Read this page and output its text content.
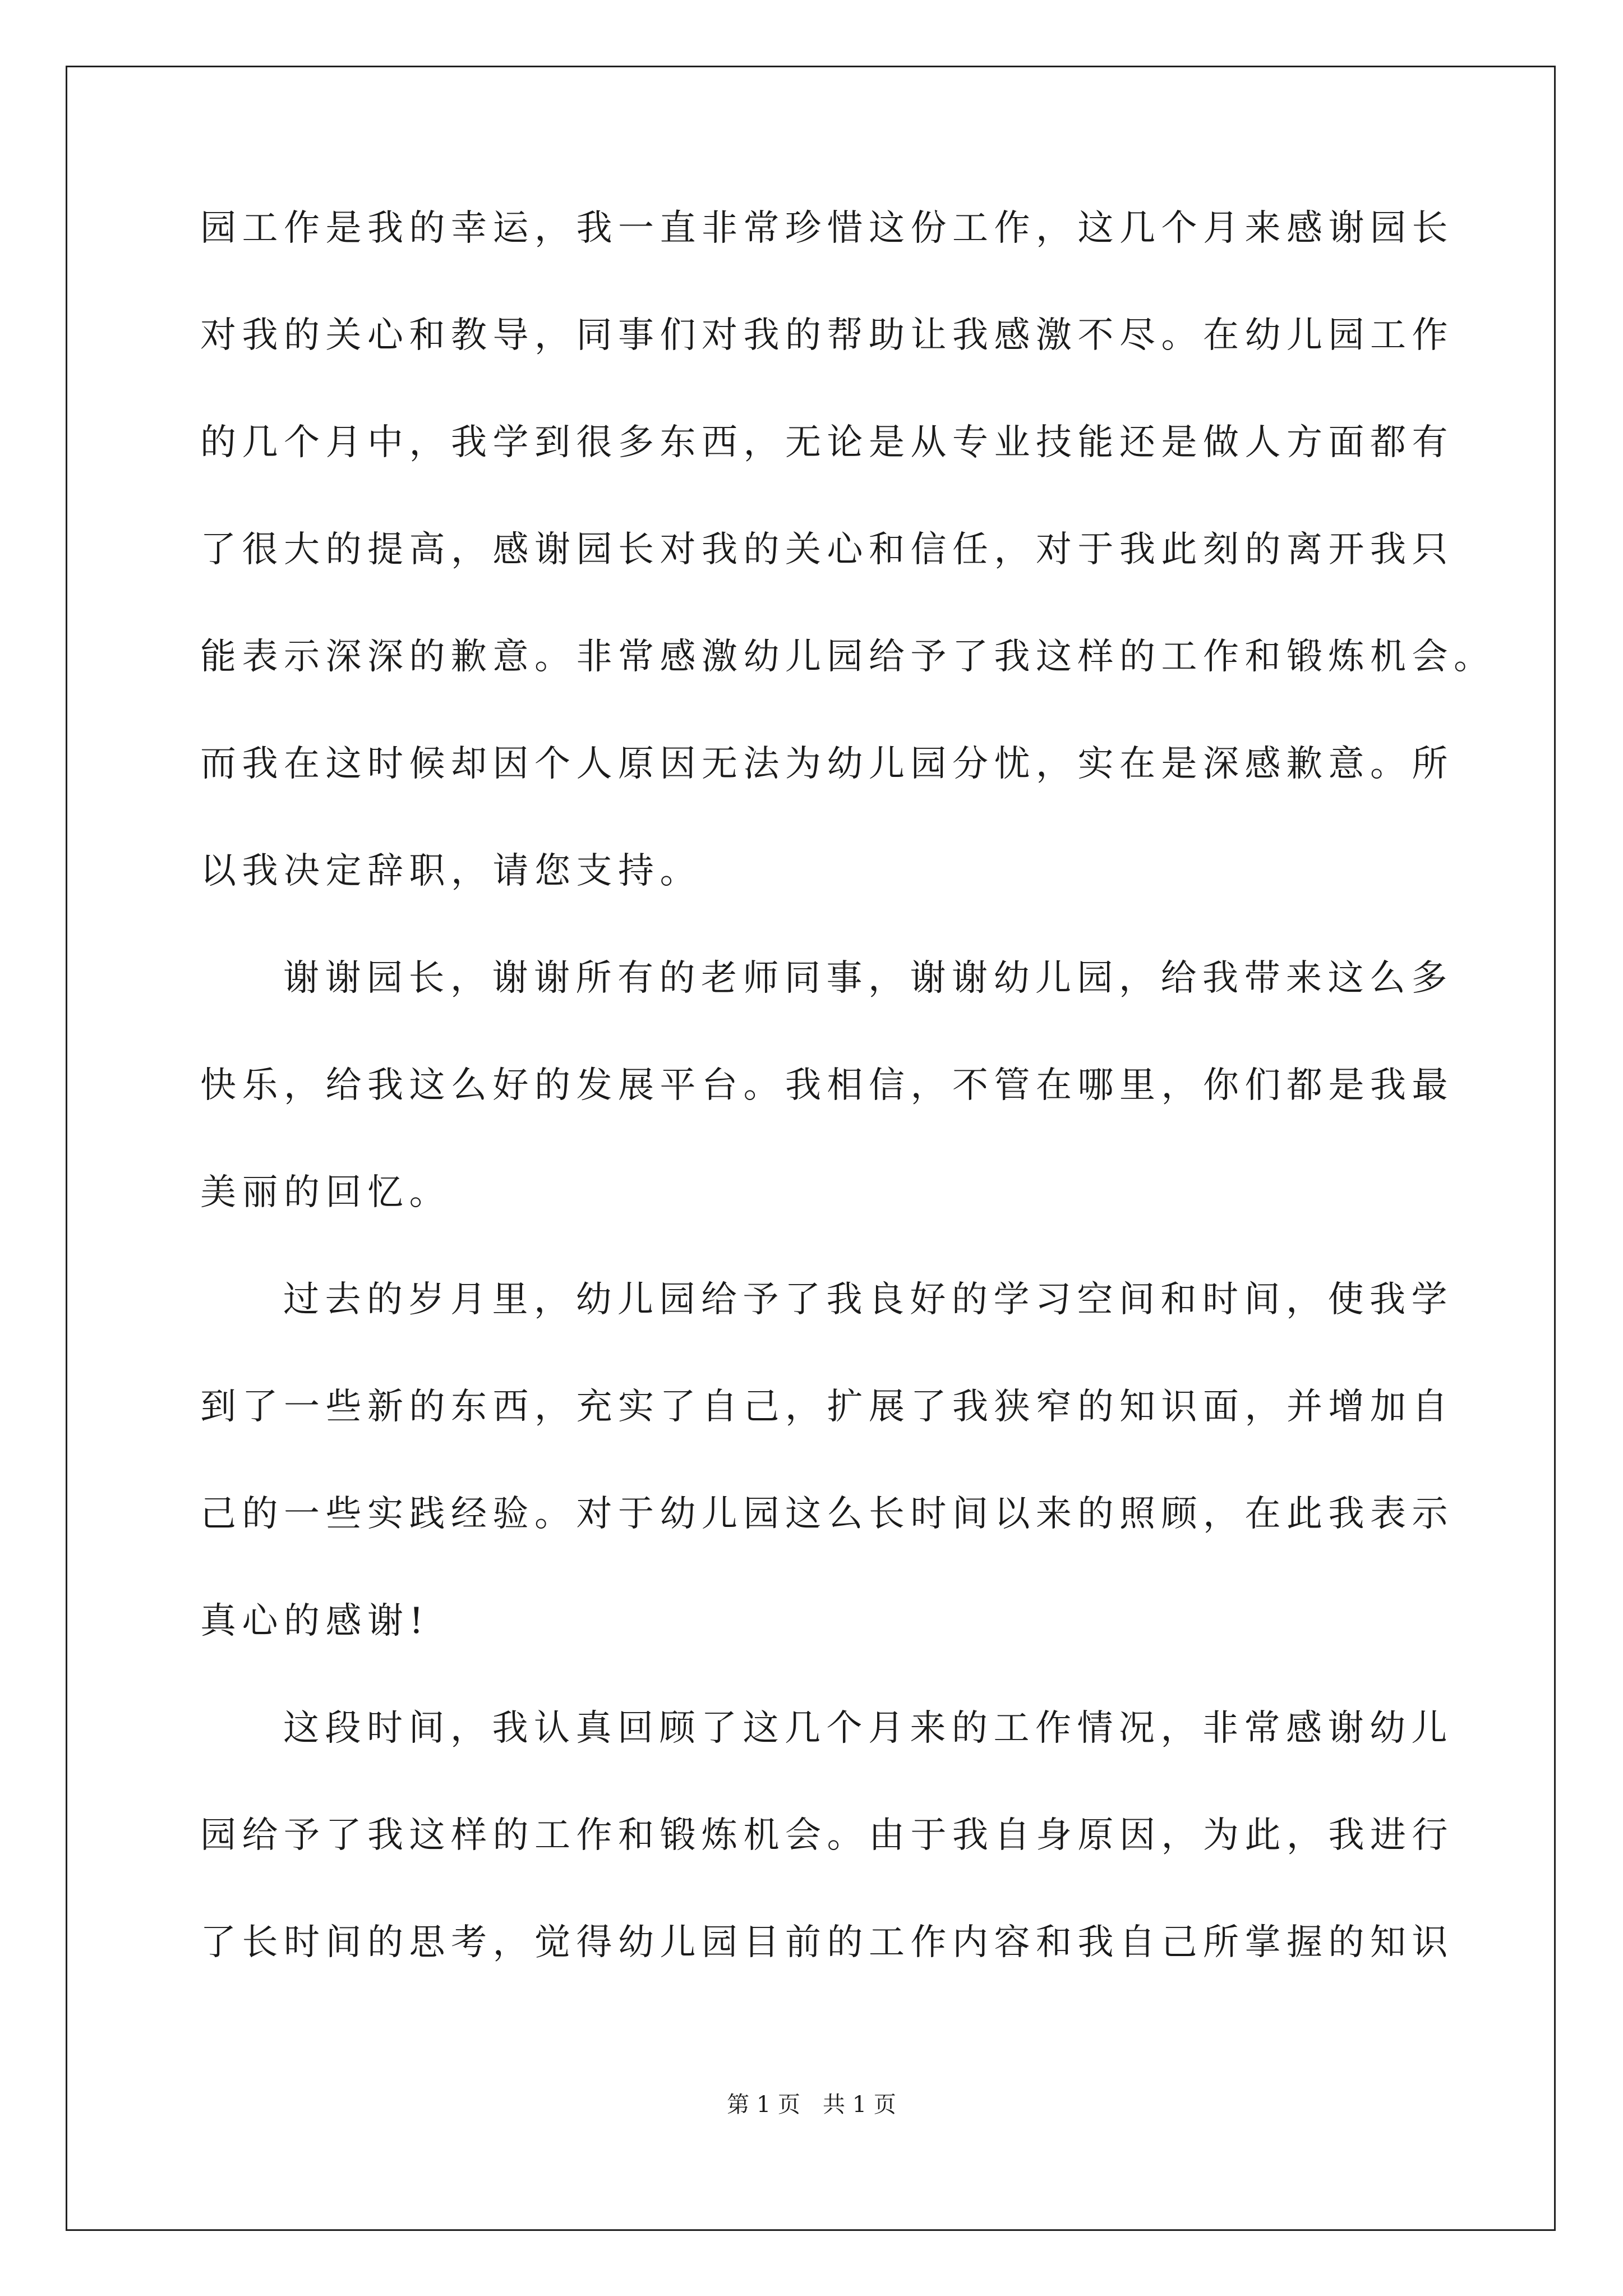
园工作是我的幸运，我一直非常珍惜这份工作，这几个月来感谢园长
对我的关心和教导，同事们对我的帮助让我感激不尽。在幼儿园工作
的几个月中，我学到很多东西，无论是从专业技能还是做人方面都有
了很大的提高，感谢园长对我的关心和信任，对于我此刻的离开我只
能表示深深的歉意。非常感激幼儿园给予了我这样的工作和锻炼机会。
而我在这时候却因个人原因无法为幼儿园分忧，实在是深感歉意。所
以我决定辞职，请您支持。
谢谢园长，谢谢所有的老师同事，谢谢幼儿园，给我带来这么多
快乐，给我这么好的发展平台。我相信，不管在哪里，你们都是我最
美丽的回忆。
过去的岁月里，幼儿园给予了我良好的学习空间和时间，使我学
到了一些新的东西，充实了自己，扩展了我狭窄的知识面，并增加自
己的一些实践经验。对于幼儿园这么长时间以来的照顾，在此我表示
真心的感谢!
这段时间，我认真回顾了这几个月来的工作情况，非常感谢幼儿
园给予了我这样的工作和锻炼机会。由于我自身原因，为此，我进行
了长时间的思考，觉得幼儿园目前的工作内容和我自己所掌握的知识
第 1 页　共 1 页
